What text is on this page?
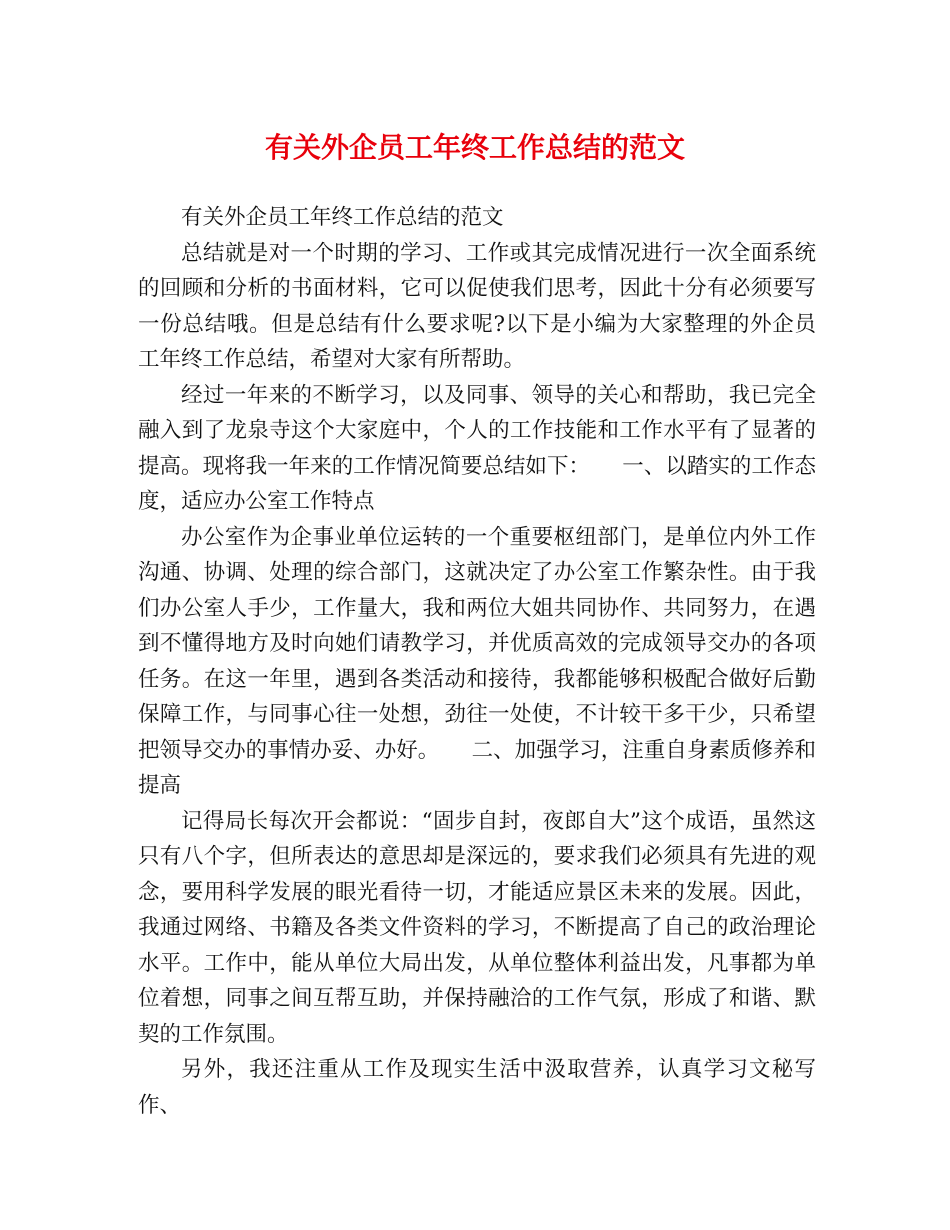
有关外企员工年终工作总结的范文

有关外企员工年终工作总结的范文

总结就是对一个时期的学习、工作或其完成情况进行一次全面系统的回顾和分析的书面材料，它可以促使我们思考，因此十分有必须要写一份总结哦。但是总结有什么要求呢?以下是小编为大家整理的外企员工年终工作总结，希望对大家有所帮助。

经过一年来的不断学习，以及同事、领导的关心和帮助，我已完全融入到了龙泉寺这个大家庭中，个人的工作技能和工作水平有了显著的提高。现将我一年来的工作情况简要总结如下：　　一、以踏实的工作态度，适应办公室工作特点

办公室作为企事业单位运转的一个重要枢纽部门，是单位内外工作沟通、协调、处理的综合部门，这就决定了办公室工作繁杂性。由于我们办公室人手少，工作量大，我和两位大姐共同协作、共同努力，在遇到不懂得地方及时向她们请教学习，并优质高效的完成领导交办的各项任务。在这一年里，遇到各类活动和接待，我都能够积极配合做好后勤保障工作，与同事心往一处想，劲往一处使，不计较干多干少，只希望把领导交办的事情办妥、办好。　　二、加强学习，注重自身素质修养和提高

记得局长每次开会都说：“固步自封，夜郎自大”这个成语，虽然这只有八个字，但所表达的意思却是深远的，要求我们必须具有先进的观念，要用科学发展的眼光看待一切，才能适应景区未来的发展。因此，我通过网络、书籍及各类文件资料的学习，不断提高了自己的政治理论水平。工作中，能从单位大局出发，从单位整体利益出发，凡事都为单位着想，同事之间互帮互助，并保持融洽的工作气氛，形成了和谐、默契的工作氛围。

另外，我还注重从工作及现实生活中汲取营养，认真学习文秘写作、
